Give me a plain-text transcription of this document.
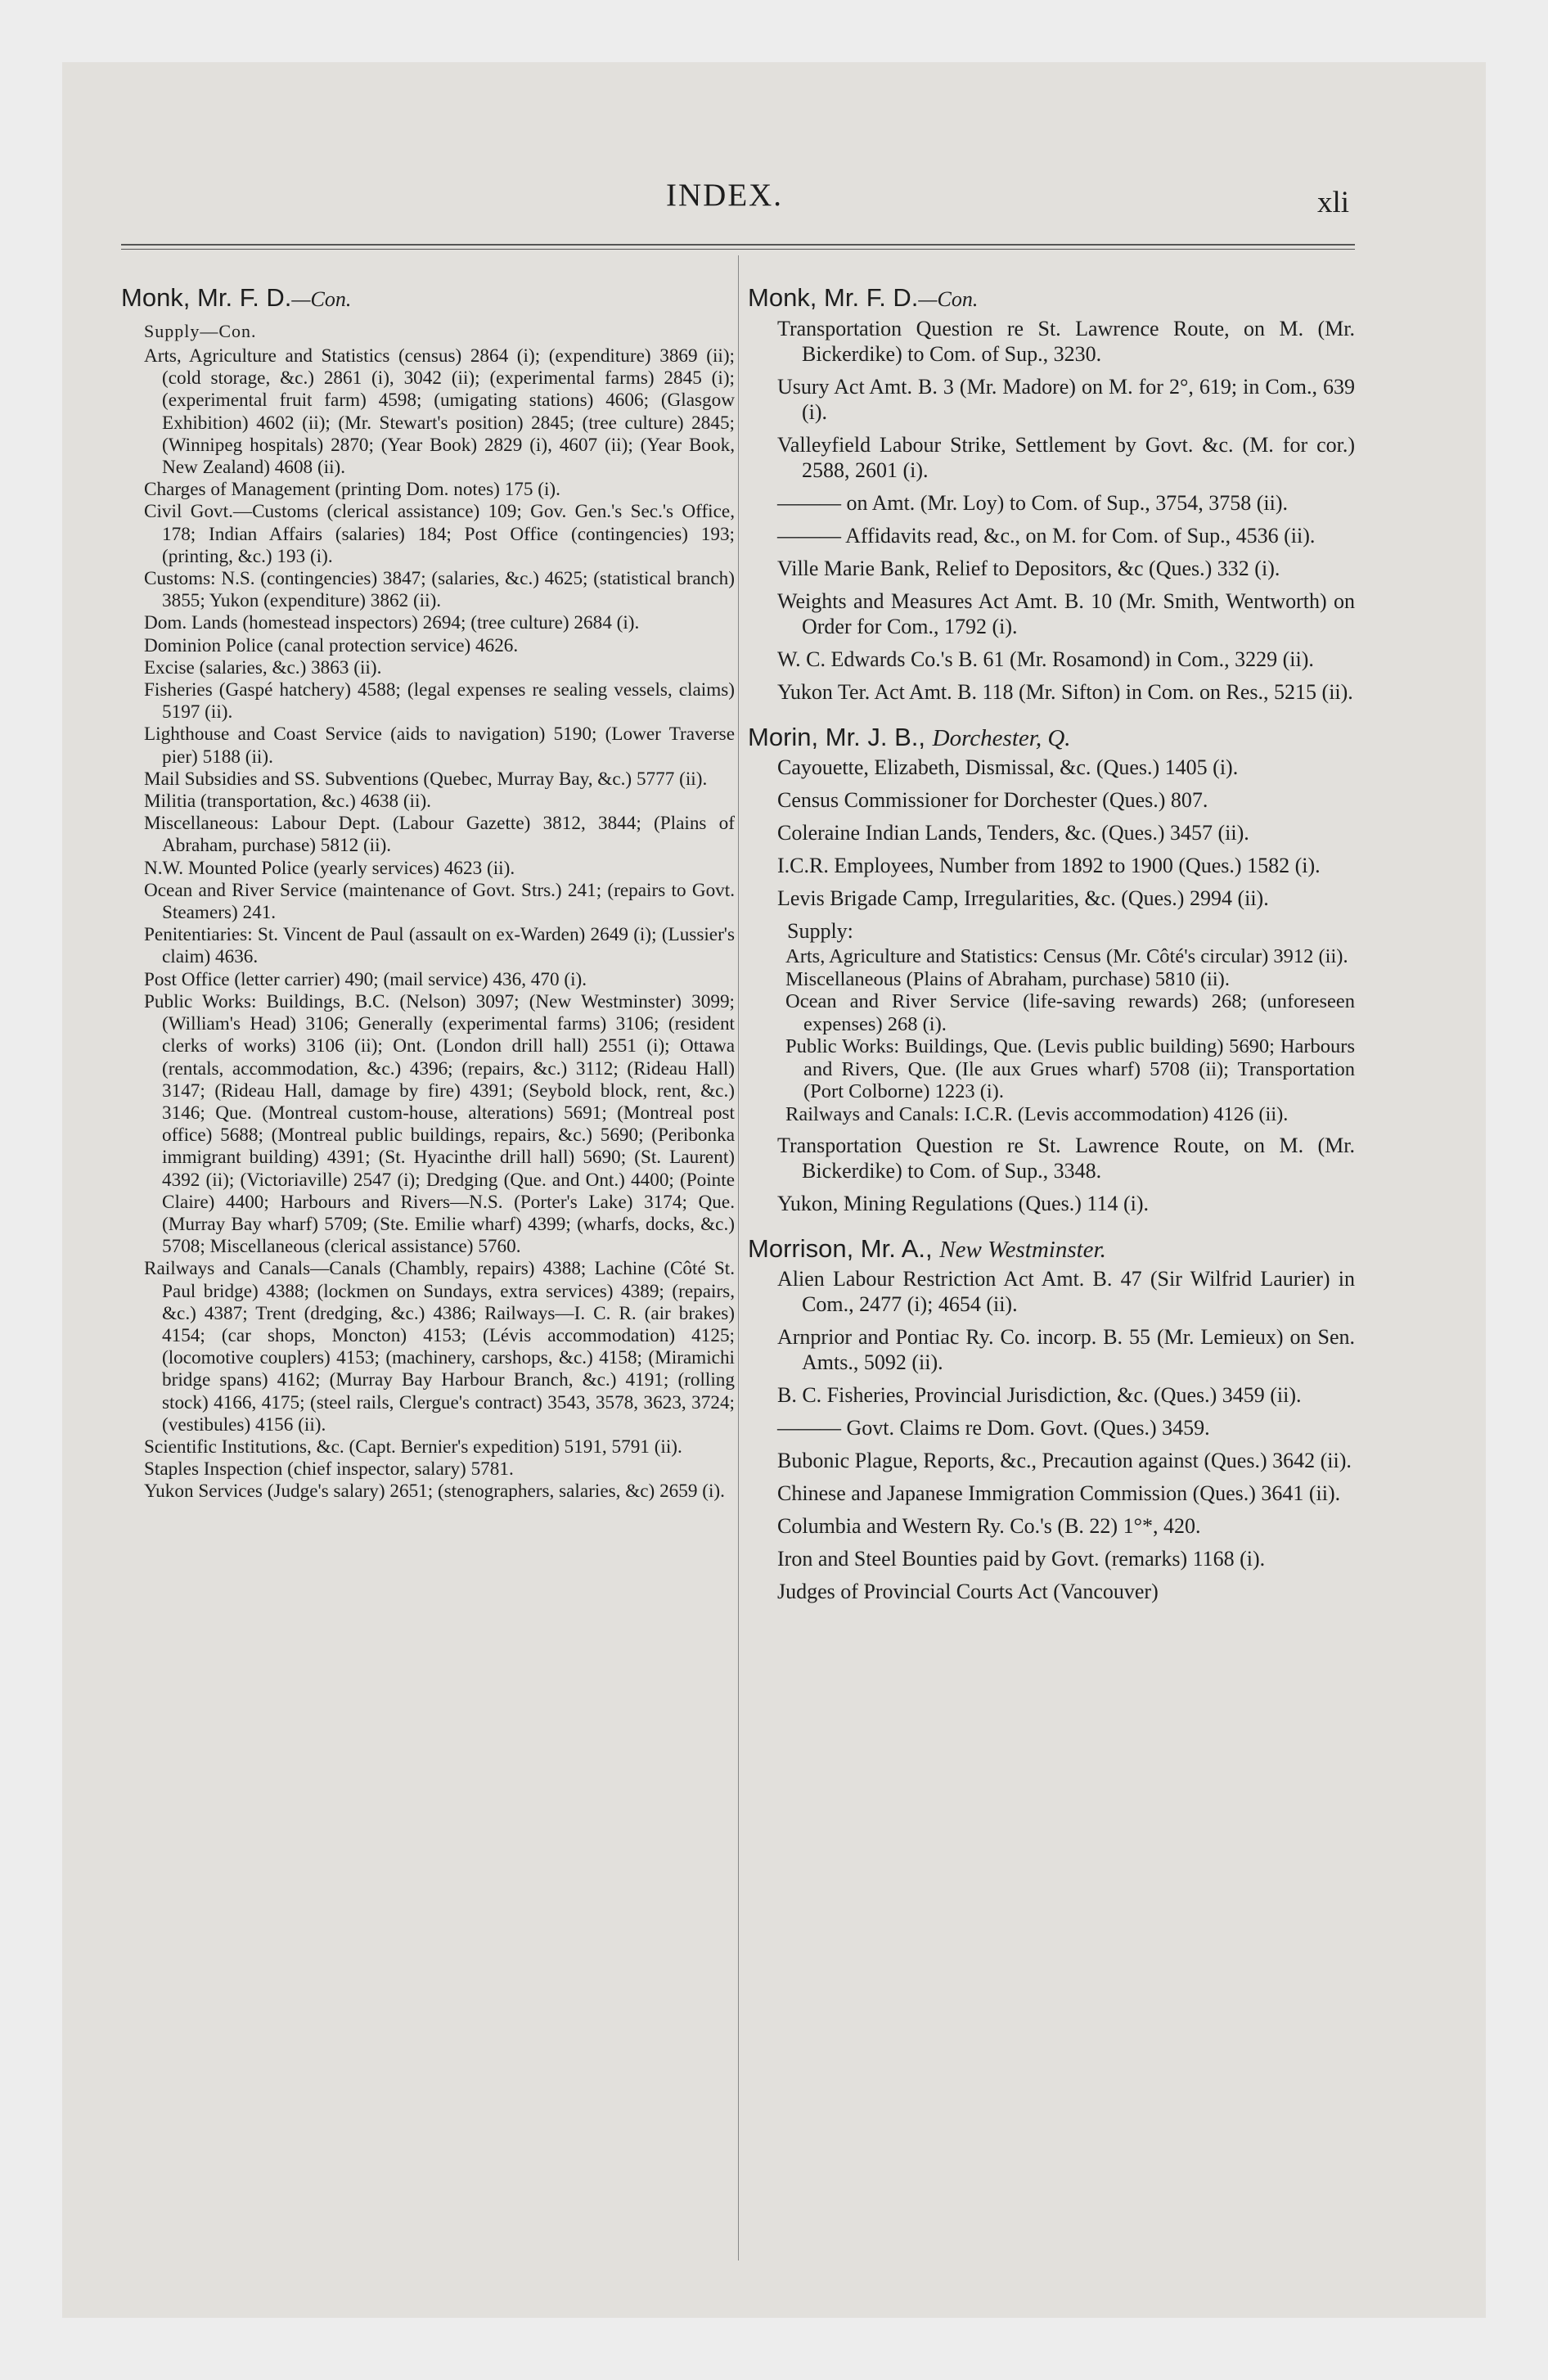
INDEX.	xli

Monk, Mr. F. D.—Con.

Supply—Con.

Arts, Agriculture and Statistics (census) 2864 (i); (expenditure) 3869 (ii); (cold storage, &c.) 2861 (i), 3042 (ii); (experimental farms) 2845 (i); (experimental fruit farm) 4598; (umigating stations) 4606; (Glasgow Exhibition) 4602 (ii); (Mr. Stewart's position) 2845; (tree culture) 2845; (Winnipeg hospitals) 2870; (Year Book) 2829 (i), 4607 (ii); (Year Book, New Zealand) 4608 (ii).

Charges of Management (printing Dom. notes) 175 (i).

Civil Govt.—Customs (clerical assistance) 109; Gov. Gen.'s Sec.'s Office, 178; Indian Affairs (salaries) 184; Post Office (contingencies) 193; (printing, &c.) 193 (i).

Customs: N.S. (contingencies) 3847; (salaries, &c.) 4625; (statistical branch) 3855; Yukon (expenditure) 3862 (ii).

Dom. Lands (homestead inspectors) 2694; (tree culture) 2684 (i).

Dominion Police (canal protection service) 4626.

Excise (salaries, &c.) 3863 (ii).

Fisheries (Gaspé hatchery) 4588; (legal expenses re sealing vessels, claims) 5197 (ii).

Lighthouse and Coast Service (aids to navigation) 5190; (Lower Traverse pier) 5188 (ii).

Mail Subsidies and SS. Subventions (Quebec, Murray Bay, &c.) 5777 (ii).

Militia (transportation, &c.) 4638 (ii).

Miscellaneous: Labour Dept. (Labour Gazette) 3812, 3844; (Plains of Abraham, purchase) 5812 (ii).

N.W. Mounted Police (yearly services) 4623 (ii).

Ocean and River Service (maintenance of Govt. Strs.) 241; (repairs to Govt. Steamers) 241.

Penitentiaries: St. Vincent de Paul (assault on ex-Warden) 2649 (i); (Lussier's claim) 4636.

Post Office (letter carrier) 490; (mail service) 436, 470 (i).

Public Works: Buildings, B.C. (Nelson) 3097; (New Westminster) 3099; (William's Head) 3106; Generally (experimental farms) 3106; (resident clerks of works) 3106 (ii); Ont. (London drill hall) 2551 (i); Ottawa (rentals, accommodation, &c.) 4396; (repairs, &c.) 3112; (Rideau Hall) 3147; (Rideau Hall, damage by fire) 4391; (Seybold block, rent, &c.) 3146; Que. (Montreal custom-house, alterations) 5691; (Montreal post office) 5688; (Montreal public buildings, repairs, &c.) 5690; (Peribonka immigrant building) 4391; (St. Hyacinthe drill hall) 5690; (St. Laurent) 4392 (ii); (Victoriaville) 2547 (i); Dredging (Que. and Ont.) 4400; (Pointe Claire) 4400; Harbours and Rivers—N.S. (Porter's Lake) 3174; Que. (Murray Bay wharf) 5709; (Ste. Emilie wharf) 4399; (wharfs, docks, &c.) 5708; Miscellaneous (clerical assistance) 5760.

Railways and Canals—Canals (Chambly, repairs) 4388; Lachine (Côté St. Paul bridge) 4388; (lockmen on Sundays, extra services) 4389; (repairs, &c.) 4387; Trent (dredging, &c.) 4386; Railways—I. C. R. (air brakes) 4154; (car shops, Moncton) 4153; (Lévis accommodation) 4125; (locomotive couplers) 4153; (machinery, carshops, &c.) 4158; (Miramichi bridge spans) 4162; (Murray Bay Harbour Branch, &c.) 4191; (rolling stock) 4166, 4175; (steel rails, Clergue's contract) 3543, 3578, 3623, 3724; (vestibules) 4156 (ii).

Scientific Institutions, &c. (Capt. Bernier's expedition) 5191, 5791 (ii).

Staples Inspection (chief inspector, salary) 5781.

Yukon Services (Judge's salary) 2651; (stenographers, salaries, &c) 2659 (i).

Monk, Mr. F. D.—Con.

Transportation Question re St. Lawrence Route, on M. (Mr. Bickerdike) to Com. of Sup., 3230.

Usury Act Amt. B. 3 (Mr. Madore) on M. for 2°, 619; in Com., 639 (i).

Valleyfield Labour Strike, Settlement by Govt. &c. (M. for cor.) 2588, 2601 (i).

——— on Amt. (Mr. Loy) to Com. of Sup., 3754, 3758 (ii).

——— Affidavits read, &c., on M. for Com. of Sup., 4536 (ii).

Ville Marie Bank, Relief to Depositors, &c (Ques.) 332 (i).

Weights and Measures Act Amt. B. 10 (Mr. Smith, Wentworth) on Order for Com., 1792 (i).

W. C. Edwards Co.'s B. 61 (Mr. Rosamond) in Com., 3229 (ii).

Yukon Ter. Act Amt. B. 118 (Mr. Sifton) in Com. on Res., 5215 (ii).

Morin, Mr. J. B., Dorchester, Q.

Cayouette, Elizabeth, Dismissal, &c. (Ques.) 1405 (i).

Census Commissioner for Dorchester (Ques.) 807.

Coleraine Indian Lands, Tenders, &c. (Ques.) 3457 (ii).

I.C.R. Employees, Number from 1892 to 1900 (Ques.) 1582 (i).

Levis Brigade Camp, Irregularities, &c. (Ques.) 2994 (ii).

Supply:

Arts, Agriculture and Statistics: Census (Mr. Côté's circular) 3912 (ii).

Miscellaneous (Plains of Abraham, purchase) 5810 (ii).

Ocean and River Service (life-saving rewards) 268; (unforeseen expenses) 268 (i).

Public Works: Buildings, Que. (Levis public building) 5690; Harbours and Rivers, Que. (Ile aux Grues wharf) 5708 (ii); Transportation (Port Colborne) 1223 (i).

Railways and Canals: I.C.R. (Levis accommodation) 4126 (ii).

Transportation Question re St. Lawrence Route, on M. (Mr. Bickerdike) to Com. of Sup., 3348.

Yukon, Mining Regulations (Ques.) 114 (i).

Morrison, Mr. A., New Westminster.

Alien Labour Restriction Act Amt. B. 47 (Sir Wilfrid Laurier) in Com., 2477 (i); 4654 (ii).

Arnprior and Pontiac Ry. Co. incorp. B. 55 (Mr. Lemieux) on Sen. Amts., 5092 (ii).

B. C. Fisheries, Provincial Jurisdiction, &c. (Ques.) 3459 (ii).

——— Govt. Claims re Dom. Govt. (Ques.) 3459.

Bubonic Plague, Reports, &c., Precaution against (Ques.) 3642 (ii).

Chinese and Japanese Immigration Commission (Ques.) 3641 (ii).

Columbia and Western Ry. Co.'s (B. 22) 1°*, 420.

Iron and Steel Bounties paid by Govt. (remarks) 1168 (i).

Judges of Provincial Courts Act (Vancouver)
